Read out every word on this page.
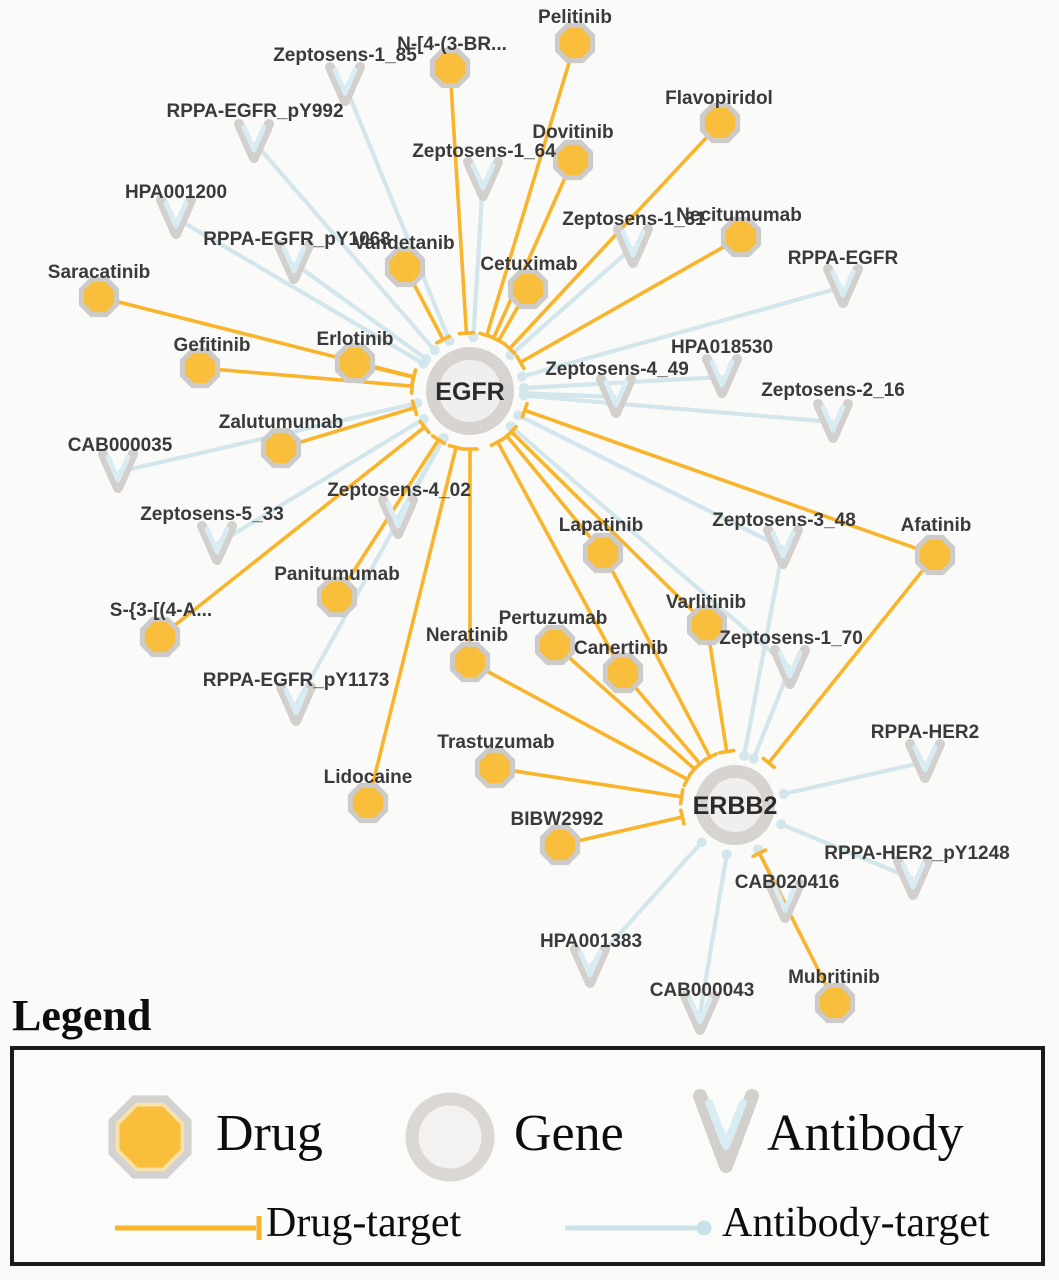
EGFR
ERBB2
Pelitinib
N-[4-(3-BR...
Dovitinib
Flavopiridol
Necitumumab
Vandetanib
Cetuximab
Saracatinib
Gefitinib	Erlotinib
Zalutumumab
Panitumumab
S-{3-[(4-A...
Lidocaine
Lapatinib
Neratinib
Pertuzumab
Canertinib
Varlitinib
Afatinib
Trastuzumab
BIBW2992
Mubritinib
Zeptosens-1_85
RPPA-EGFR_pY992
HPA001200
RPPA-EGFR_pY1068
Zeptosens-1_64
Zeptosens-1_31
RPPA-EGFR
Zeptosens-4_49
HPA018530
Zeptosens-2_16
CAB000035
Zeptosens-5_33
Zeptosens-4_02
RPPA-EGFR_pY1173
Zeptosens-3_48
Zeptosens-1_70
RPPA-HER2
RPPA-HER2_pY1248
CAB020416
HPA001383
CAB000043
Legend
Drug	Gene	Antibody
Drug-target	Antibody-target
